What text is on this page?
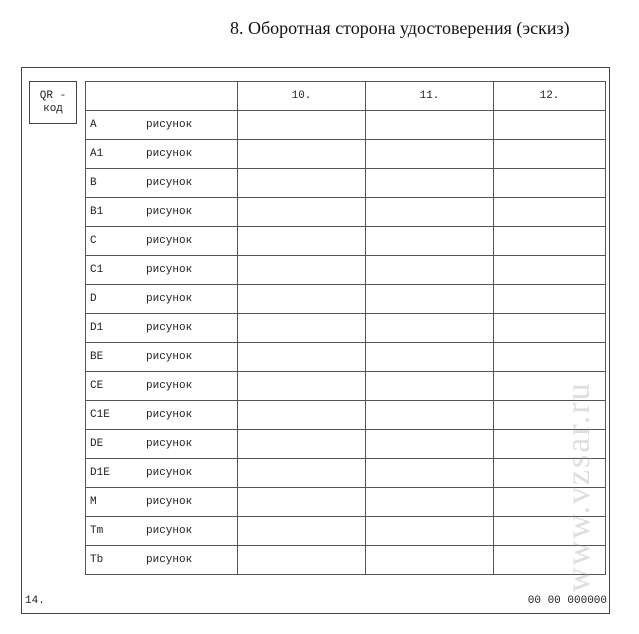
8. Оборотная сторона удостоверения (эскиз)
QR - код
	10.	11.	12.

A рисунок			

A1 рисунок			

B рисунок			

B1 рисунок			

C рисунок			

C1 рисунок			

D рисунок			

D1 рисунок			

BE рисунок			

CE рисунок			

C1E рисунок			

DE рисунок			

D1E рисунок			

M рисунок			

Tm рисунок			

Tb рисунок			

14.	00 00 000000
www.vzsar.ru
